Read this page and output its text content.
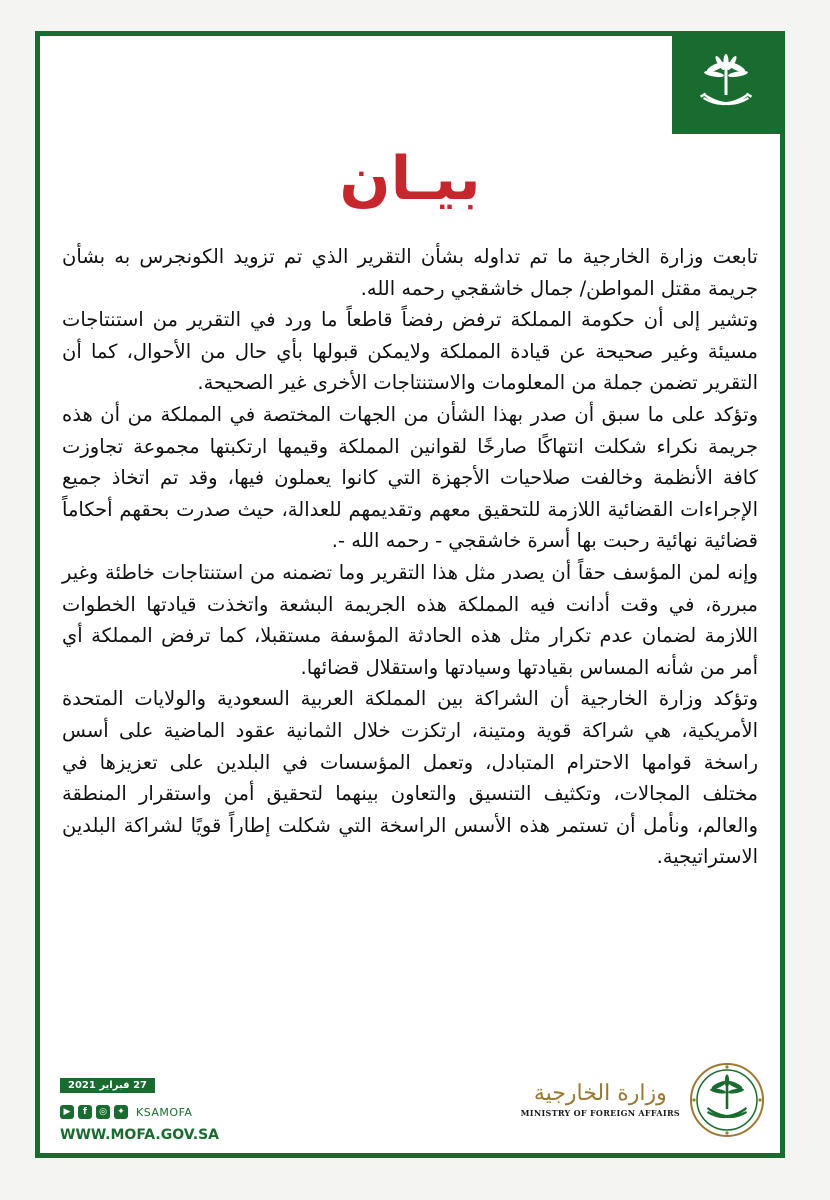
بيـان

تابعت وزارة الخارجية ما تم تداوله بشأن التقرير الذي تم تزويد الكونجرس به بشأن جريمة مقتل المواطن/ جمال خاشقجي رحمه الله.

وتشير إلى أن حكومة المملكة ترفض رفضاً قاطعاً ما ورد في التقرير من استنتاجات مسيئة وغير صحيحة عن قيادة المملكة ولايمكن قبولها بأي حال من الأحوال، كما أن التقرير تضمن جملة من المعلومات والاستنتاجات الأخرى غير الصحيحة.

وتؤكد على ما سبق أن صدر بهذا الشأن من الجهات المختصة في المملكة من أن هذه جريمة نكراء شكلت انتهاكًا صارخًا لقوانين المملكة وقيمها ارتكبتها مجموعة تجاوزت كافة الأنظمة وخالفت صلاحيات الأجهزة التي كانوا يعملون فيها، وقد تم اتخاذ جميع الإجراءات القضائية اللازمة للتحقيق معهم وتقديمهم للعدالة، حيث صدرت بحقهم أحكاماً قضائية نهائية رحبت بها أسرة خاشقجي - رحمه الله -.

وإنه لمن المؤسف حقاً أن يصدر مثل هذا التقرير وما تضمنه من استنتاجات خاطئة وغير مبررة، في وقت أدانت فيه المملكة هذه الجريمة البشعة واتخذت قيادتها الخطوات اللازمة لضمان عدم تكرار مثل هذه الحادثة المؤسفة مستقبلا، كما ترفض المملكة أي أمر من شأنه المساس بقيادتها وسيادتها واستقلال قضائها.

وتؤكد وزارة الخارجية أن الشراكة بين المملكة العربية السعودية والولايات المتحدة الأمريكية، هي شراكة قوية ومتينة، ارتكزت خلال الثمانية عقود الماضية على أسس راسخة قوامها الاحترام المتبادل، وتعمل المؤسسات في البلدين على تعزيزها في مختلف المجالات، وتكثيف التنسيق والتعاون بينهما لتحقيق أمن واستقرار المنطقة والعالم، ونأمل أن تستمر هذه الأسس الراسخة التي شكلت إطاراً قويًا لشراكة البلدين الاستراتيجية.

27 فبراير 2021
▶	f	◎	✦ KSAMOFA
WWW.MOFA.GOV.SA
وزارة الخارجية
MINISTRY OF FOREIGN AFFAIRS
